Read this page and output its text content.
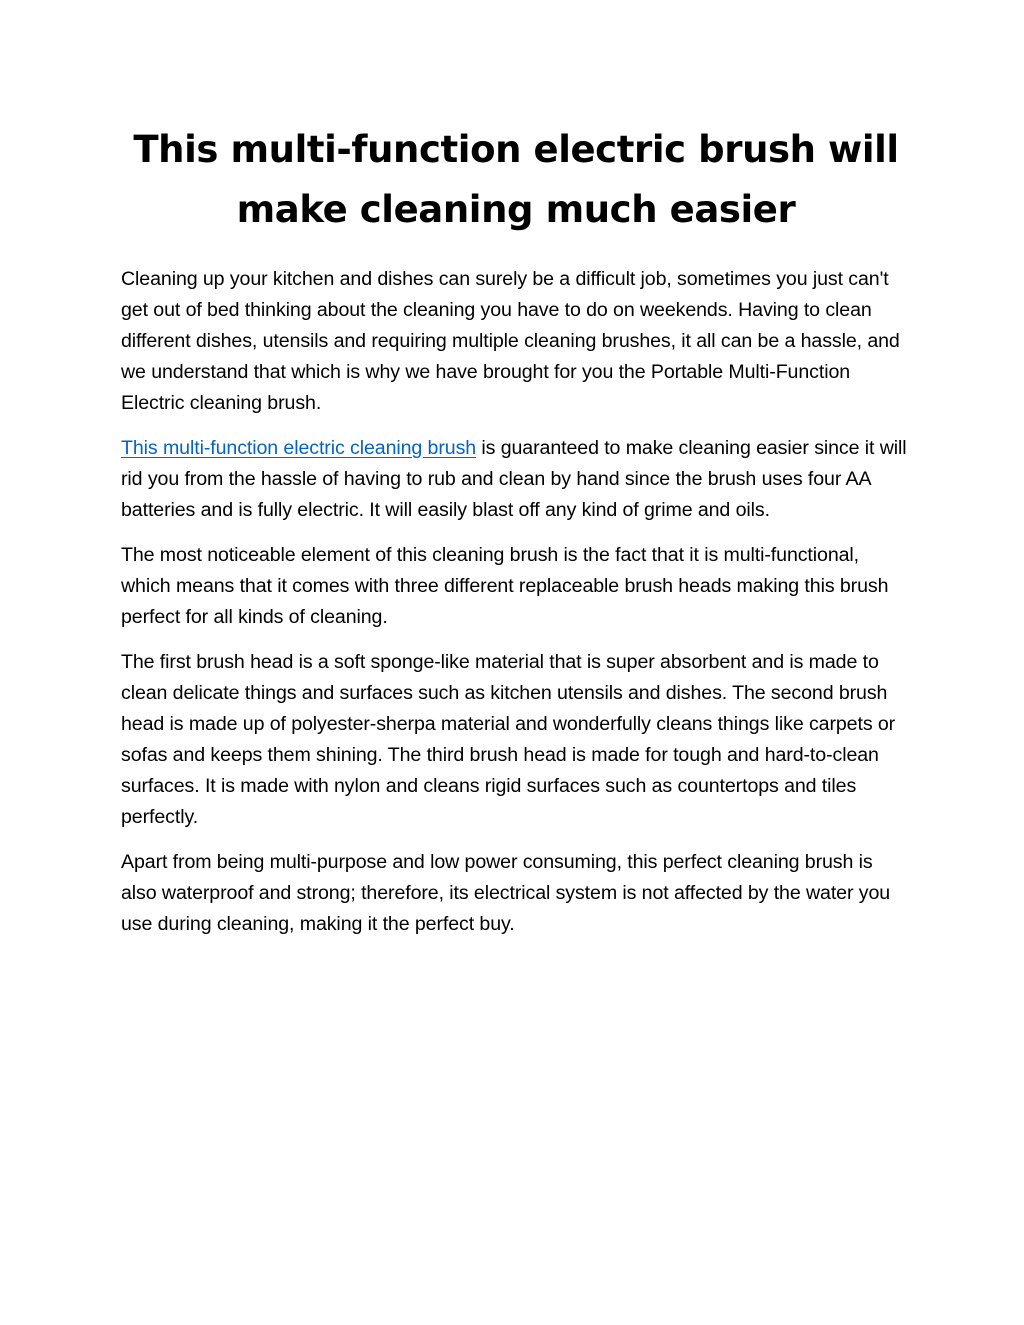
This multi-function electric brush will make cleaning much easier

Cleaning up your kitchen and dishes can surely be a difficult job, sometimes you just can't get out of bed thinking about the cleaning you have to do on weekends. Having to clean different dishes, utensils and requiring multiple cleaning brushes, it all can be a hassle, and we understand that which is why we have brought for you the Portable Multi-Function Electric cleaning brush.

This multi-function electric cleaning brush is guaranteed to make cleaning easier since it will rid you from the hassle of having to rub and clean by hand since the brush uses four AA batteries and is fully electric. It will easily blast off any kind of grime and oils.

The most noticeable element of this cleaning brush is the fact that it is multi-functional, which means that it comes with three different replaceable brush heads making this brush perfect for all kinds of cleaning.

The first brush head is a soft sponge-like material that is super absorbent and is made to clean delicate things and surfaces such as kitchen utensils and dishes. The second brush head is made up of polyester-sherpa material and wonderfully cleans things like carpets or sofas and keeps them shining. The third brush head is made for tough and hard-to-clean surfaces. It is made with nylon and cleans rigid surfaces such as countertops and tiles perfectly.

Apart from being multi-purpose and low power consuming, this perfect cleaning brush is also waterproof and strong; therefore, its electrical system is not affected by the water you use during cleaning, making it the perfect buy.
